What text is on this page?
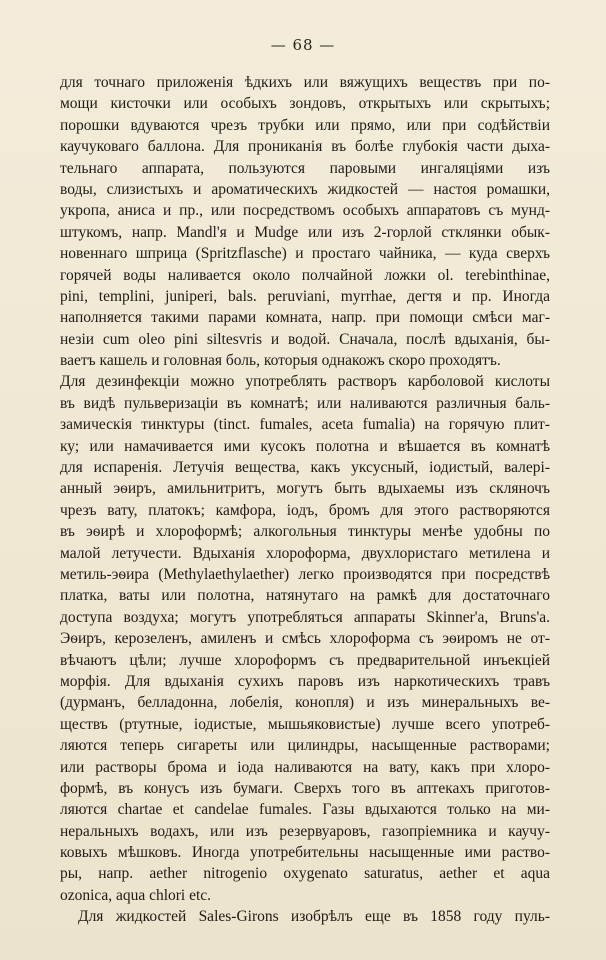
— 68 —
для точнаго приложенія ѣдкихъ или вяжущихъ веществъ при по-
мощи кисточки или особыхъ зондовъ, открытыхъ или скрытыхъ;
порошки вдуваются чрезъ трубки или прямо, или при содѣйствіи
каучуковаго баллона. Для прониканія въ болѣе глубокія части дыха-
тельнаго аппарата, пользуются паровыми ингаляціями изъ
воды, слизистыхъ и ароматическихъ жидкостей — настоя ромашки,
укропа, аниса и пр., или посредствомъ особыхъ аппаратовъ съ мунд-
штукомъ, напр. Mandl'я и Mudge или изъ 2-горлой стклянки обык-
новеннаго шприца (Spritzflasche) и простаго чайника, — куда сверхъ
горячей воды наливается около полчайной ложки ol. terebinthinae,
pini, templini, juniperi, bals. peruviani, myrrhae, дегтя и пр. Иногда
наполняется такими парами комната, напр. при помощи смѣси маг-
незіи cum oleo pini siltesvris и водой. Сначала, послѣ вдыханія, бы-
ваетъ кашель и головная боль, которыя однакожъ скоро проходятъ.
Для дезинфекціи можно употреблять растворъ карболовой кислоты
въ видѣ пульверизаціи въ комнатѣ; или наливаются различныя баль-
замическія тинктуры (tinct. fumales, aceta fumalia) на горячую плит-
ку; или намачивается ими кусокъ полотна и вѣшается въ комнатѣ
для испаренія. Летучія вещества, какъ уксусный, іодистый, валері-
анный эѳиръ, амильнитритъ, могутъ быть вдыхаемы изъ скляночъ
чрезъ вату, платокъ; камфора, іодъ, бромъ для этого растворяются
въ эѳирѣ и хлороформѣ; алкогольныя тинктуры менѣе удобны по
малой летучести. Вдыханія хлороформа, двухлористаго метилена и
метиль-эѳира (Methylaethylaether) легко производятся при посредствѣ
платка, ваты или полотна, натянутаго на рамкѣ для достаточнаго
доступа воздуха; могутъ употребляться аппараты Skinner'а, Bruns'а.
Эѳиръ, керозеленъ, амиленъ и смѣсь хлороформа съ эѳиромъ не от-
вѣчаютъ цѣли; лучше хлороформъ съ предварительной инъекціей
морфія. Для вдыханія сухихъ паровъ изъ наркотическихъ травъ
(дурманъ, белладонна, лобелія, конопля) и изъ минеральныхъ ве-
ществъ (ртутные, іодистые, мышьяковистые) лучше всего употреб-
ляются теперь сигареты или цилиндры, насыщенные растворами;
или растворы брома и іода наливаются на вату, какъ при хлоро-
формѣ, въ конусъ изъ бумаги. Сверхъ того въ аптекахъ приготов-
ляются chartae et candelae fumales. Газы вдыхаются только на ми-
неральныхъ водахъ, или изъ резервуаровъ, газопріемника и каучу-
ковыхъ мѣшковъ. Иногда употребительны насыщенные ими раство-
ры, напр. aether nitrogenio oxygenato saturatus, aether et aqua
ozonica, aqua chlori etc.
Для жидкостей Sales-Girons изобрѣлъ еще въ 1858 году пуль-
